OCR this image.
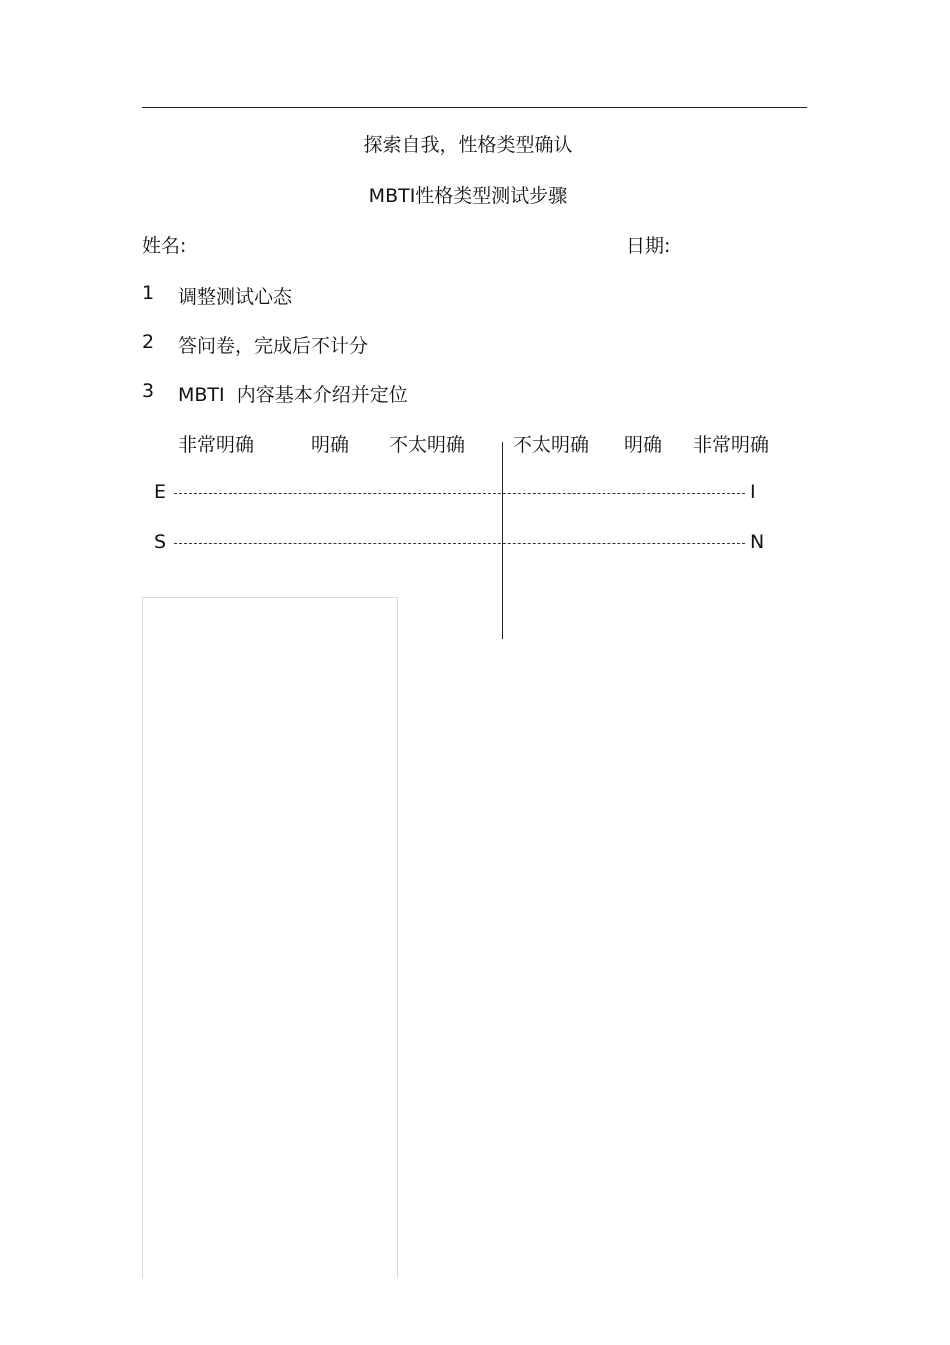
探索自我，性格类型确认
MBTI性格类型测试步骤
姓名:	日期:
1 调整测试心态
2 答问卷，完成后不计分
3 MBTI  内容基本介绍并定位
非常明确	明确 不太明确	不太明确 明确 非常明确
E	I
S	N
